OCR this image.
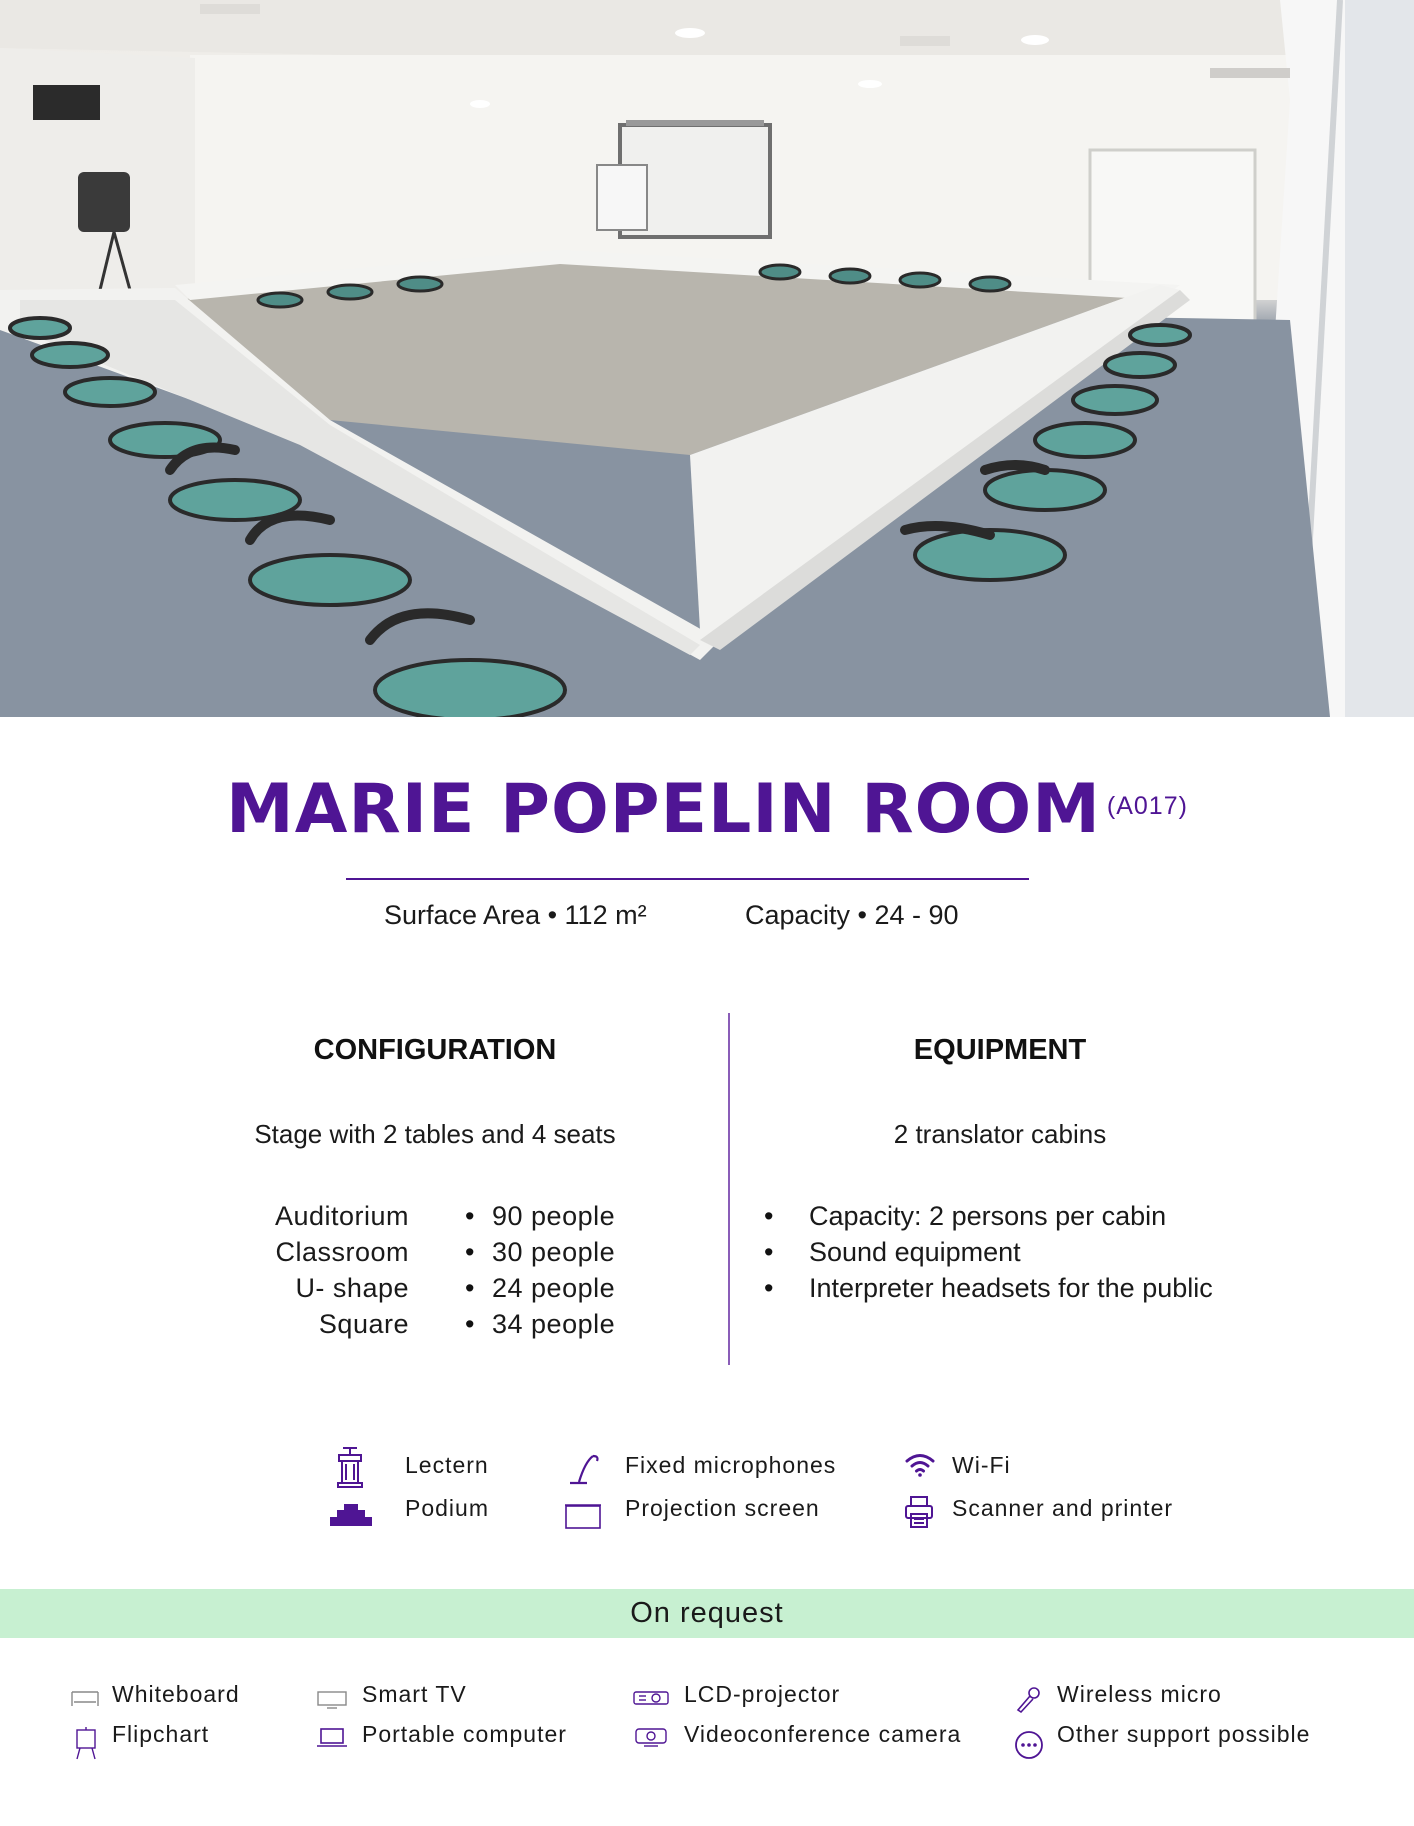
MARIE POPELIN ROOM (A017)
Surface Area • 112 m²	Capacity • 24 - 90
CONFIGURATION
Stage with 2 tables and 4 seats
Auditorium
Classroom
U- shape
Square
• 90 people
• 30 people
• 24 people
• 34 people
EQUIPMENT
2 translator cabins
• Capacity: 2 persons per cabin
• Sound equipment
• Interpreter headsets for the public
Lectern
Podium
Fixed microphones
Projection screen
Wi-Fi
Scanner and printer
On request
Whiteboard
Flipchart
Smart TV
Portable computer
LCD-projector
Videoconference camera
Wireless micro
Other support possible
